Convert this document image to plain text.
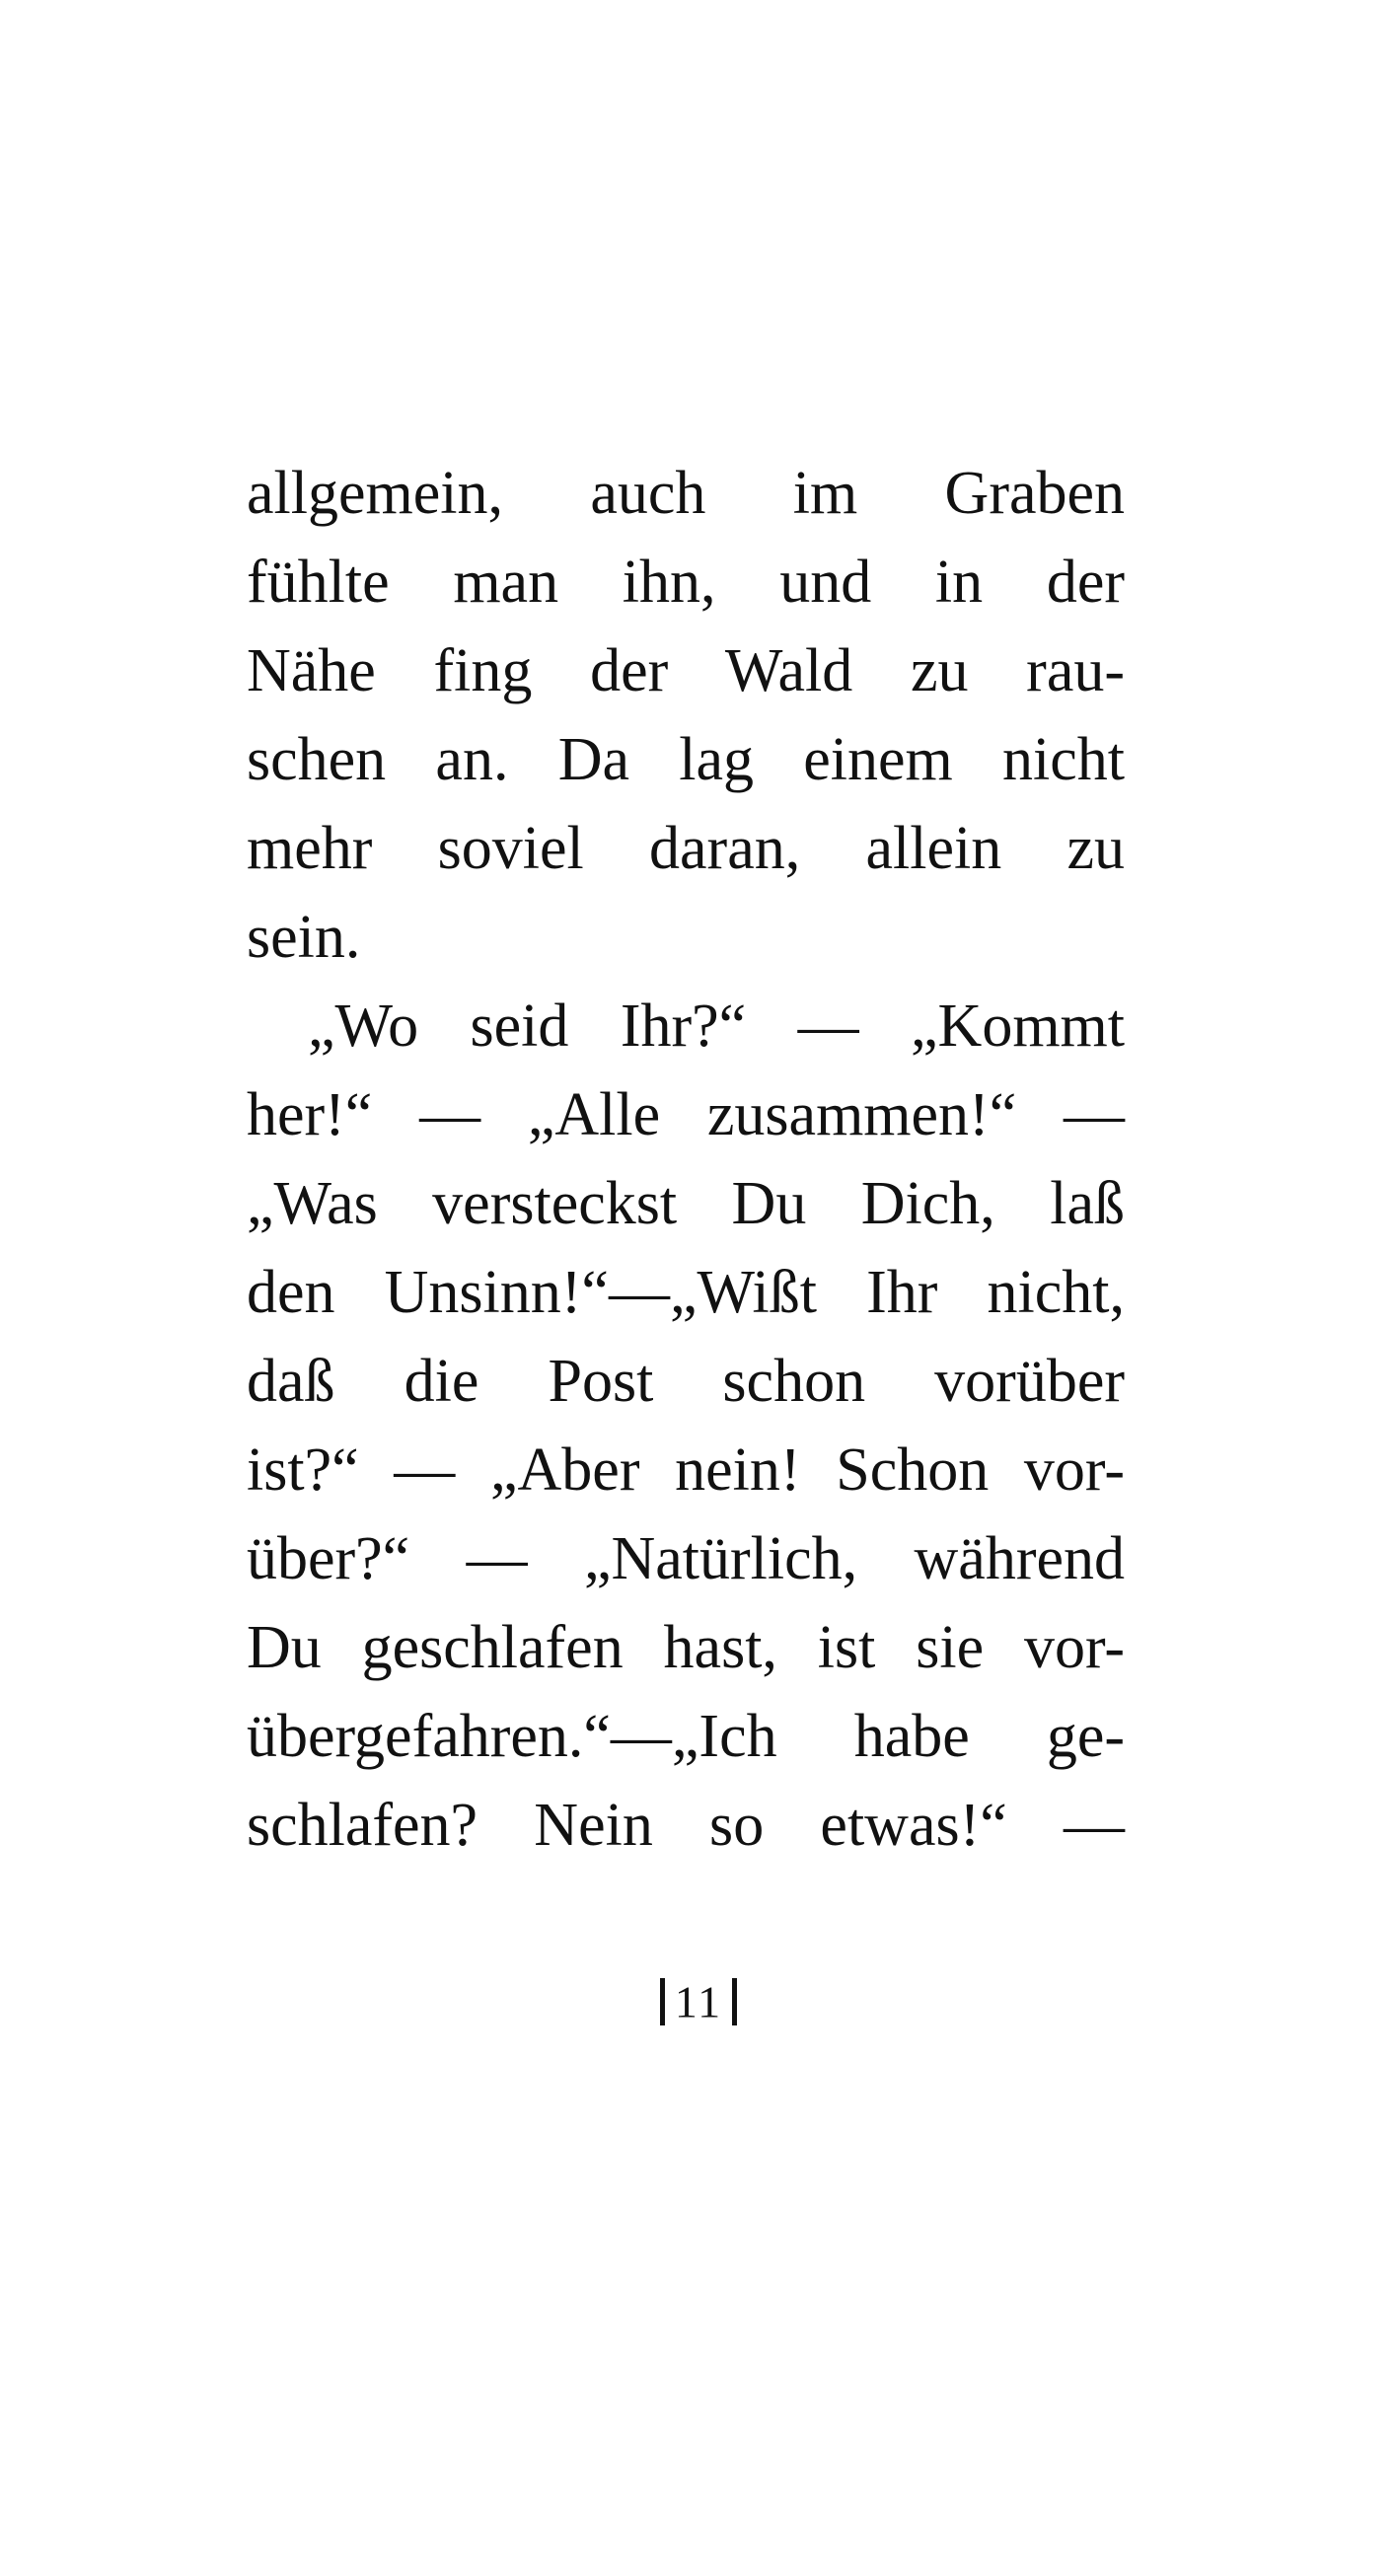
allgemein, auch im Graben
fühlte man ihn, und in der
Nähe fing der Wald zu rau-
schen an. Da lag einem nicht
mehr soviel daran, allein zu
sein.
„Wo seid Ihr?“ — „Kommt
her!“ — „Alle zusammen!“ —
„Was versteckst Du Dich, laß
den Unsinn!“—„Wißt Ihr nicht,
daß die Post schon vorüber
ist?“ — „Aber nein! Schon vor-
über?“ — „Natürlich, während
Du geschlafen hast, ist sie vor-
übergefahren.“—„Ich habe ge-
schlafen? Nein so etwas!“ —
11
